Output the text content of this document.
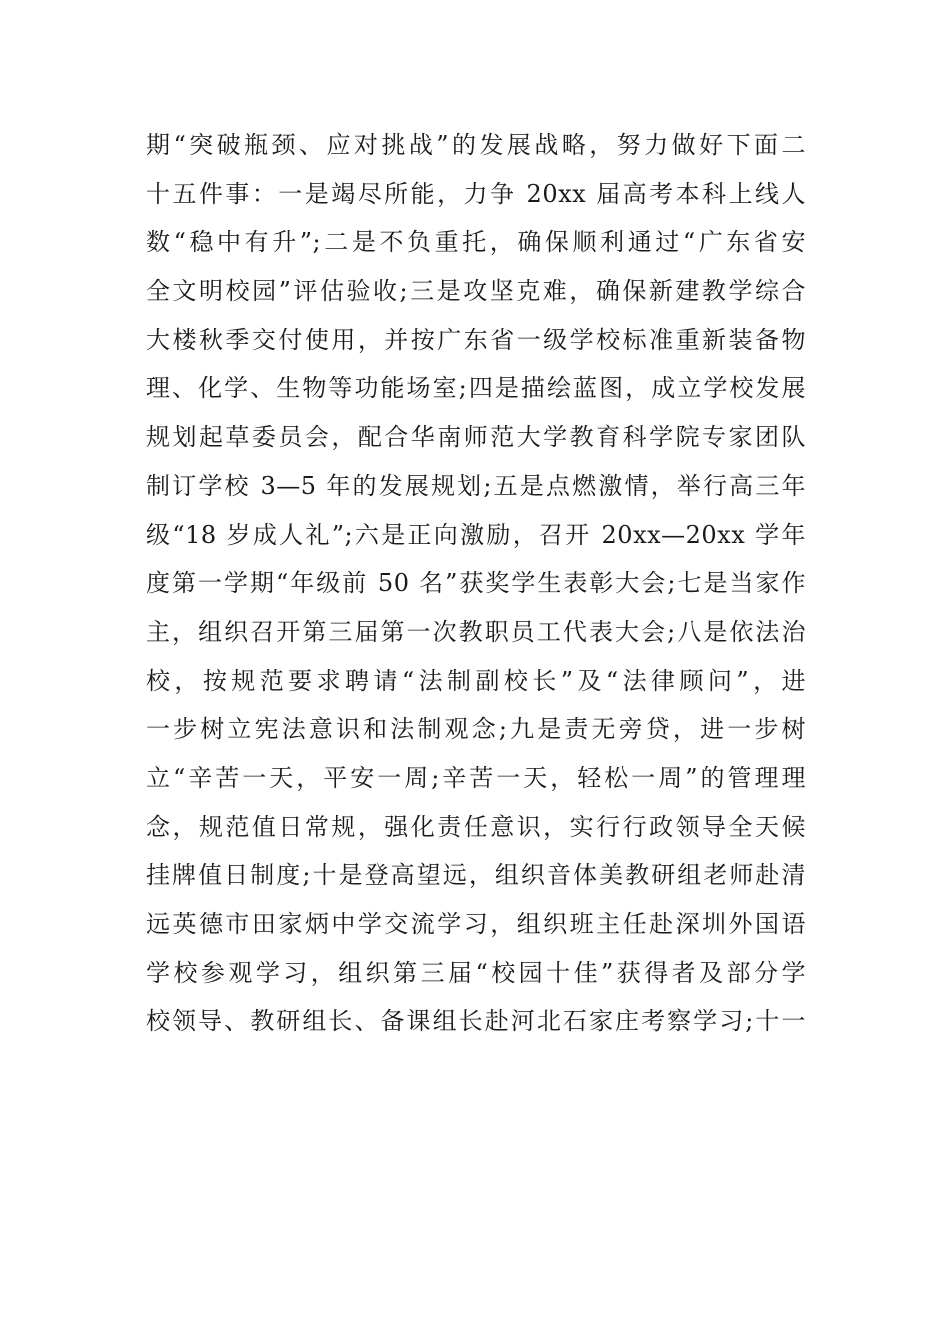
期“突破瓶颈、应对挑战”的发展战略，努力做好下面二
十五件事：一是竭尽所能，力争 20xx 届高考本科上线人
数“稳中有升”;二是不负重托，确保顺利通过“广东省安
全文明校园”评估验收;三是攻坚克难，确保新建教学综合
大楼秋季交付使用，并按广东省一级学校标准重新装备物
理、化学、生物等功能场室;四是描绘蓝图，成立学校发展
规划起草委员会，配合华南师范大学教育科学院专家团队
制订学校 3—5 年的发展规划;五是点燃激情，举行高三年
级“18 岁成人礼”;六是正向激励，召开 20xx—20xx 学年
度第一学期“年级前 50 名”获奖学生表彰大会;七是当家作
主，组织召开第三届第一次教职员工代表大会;八是依法治
校，按规范要求聘请“法制副校长”及“法律顾问”，进
一步树立宪法意识和法制观念;九是责无旁贷，进一步树
立“辛苦一天，平安一周;辛苦一天，轻松一周”的管理理
念，规范值日常规，强化责任意识，实行行政领导全天候
挂牌值日制度;十是登高望远，组织音体美教研组老师赴清
远英德市田家炳中学交流学习，组织班主任赴深圳外国语
学校参观学习，组织第三届“校园十佳”获得者及部分学
校领导、教研组长、备课组长赴河北石家庄考察学习;十一
